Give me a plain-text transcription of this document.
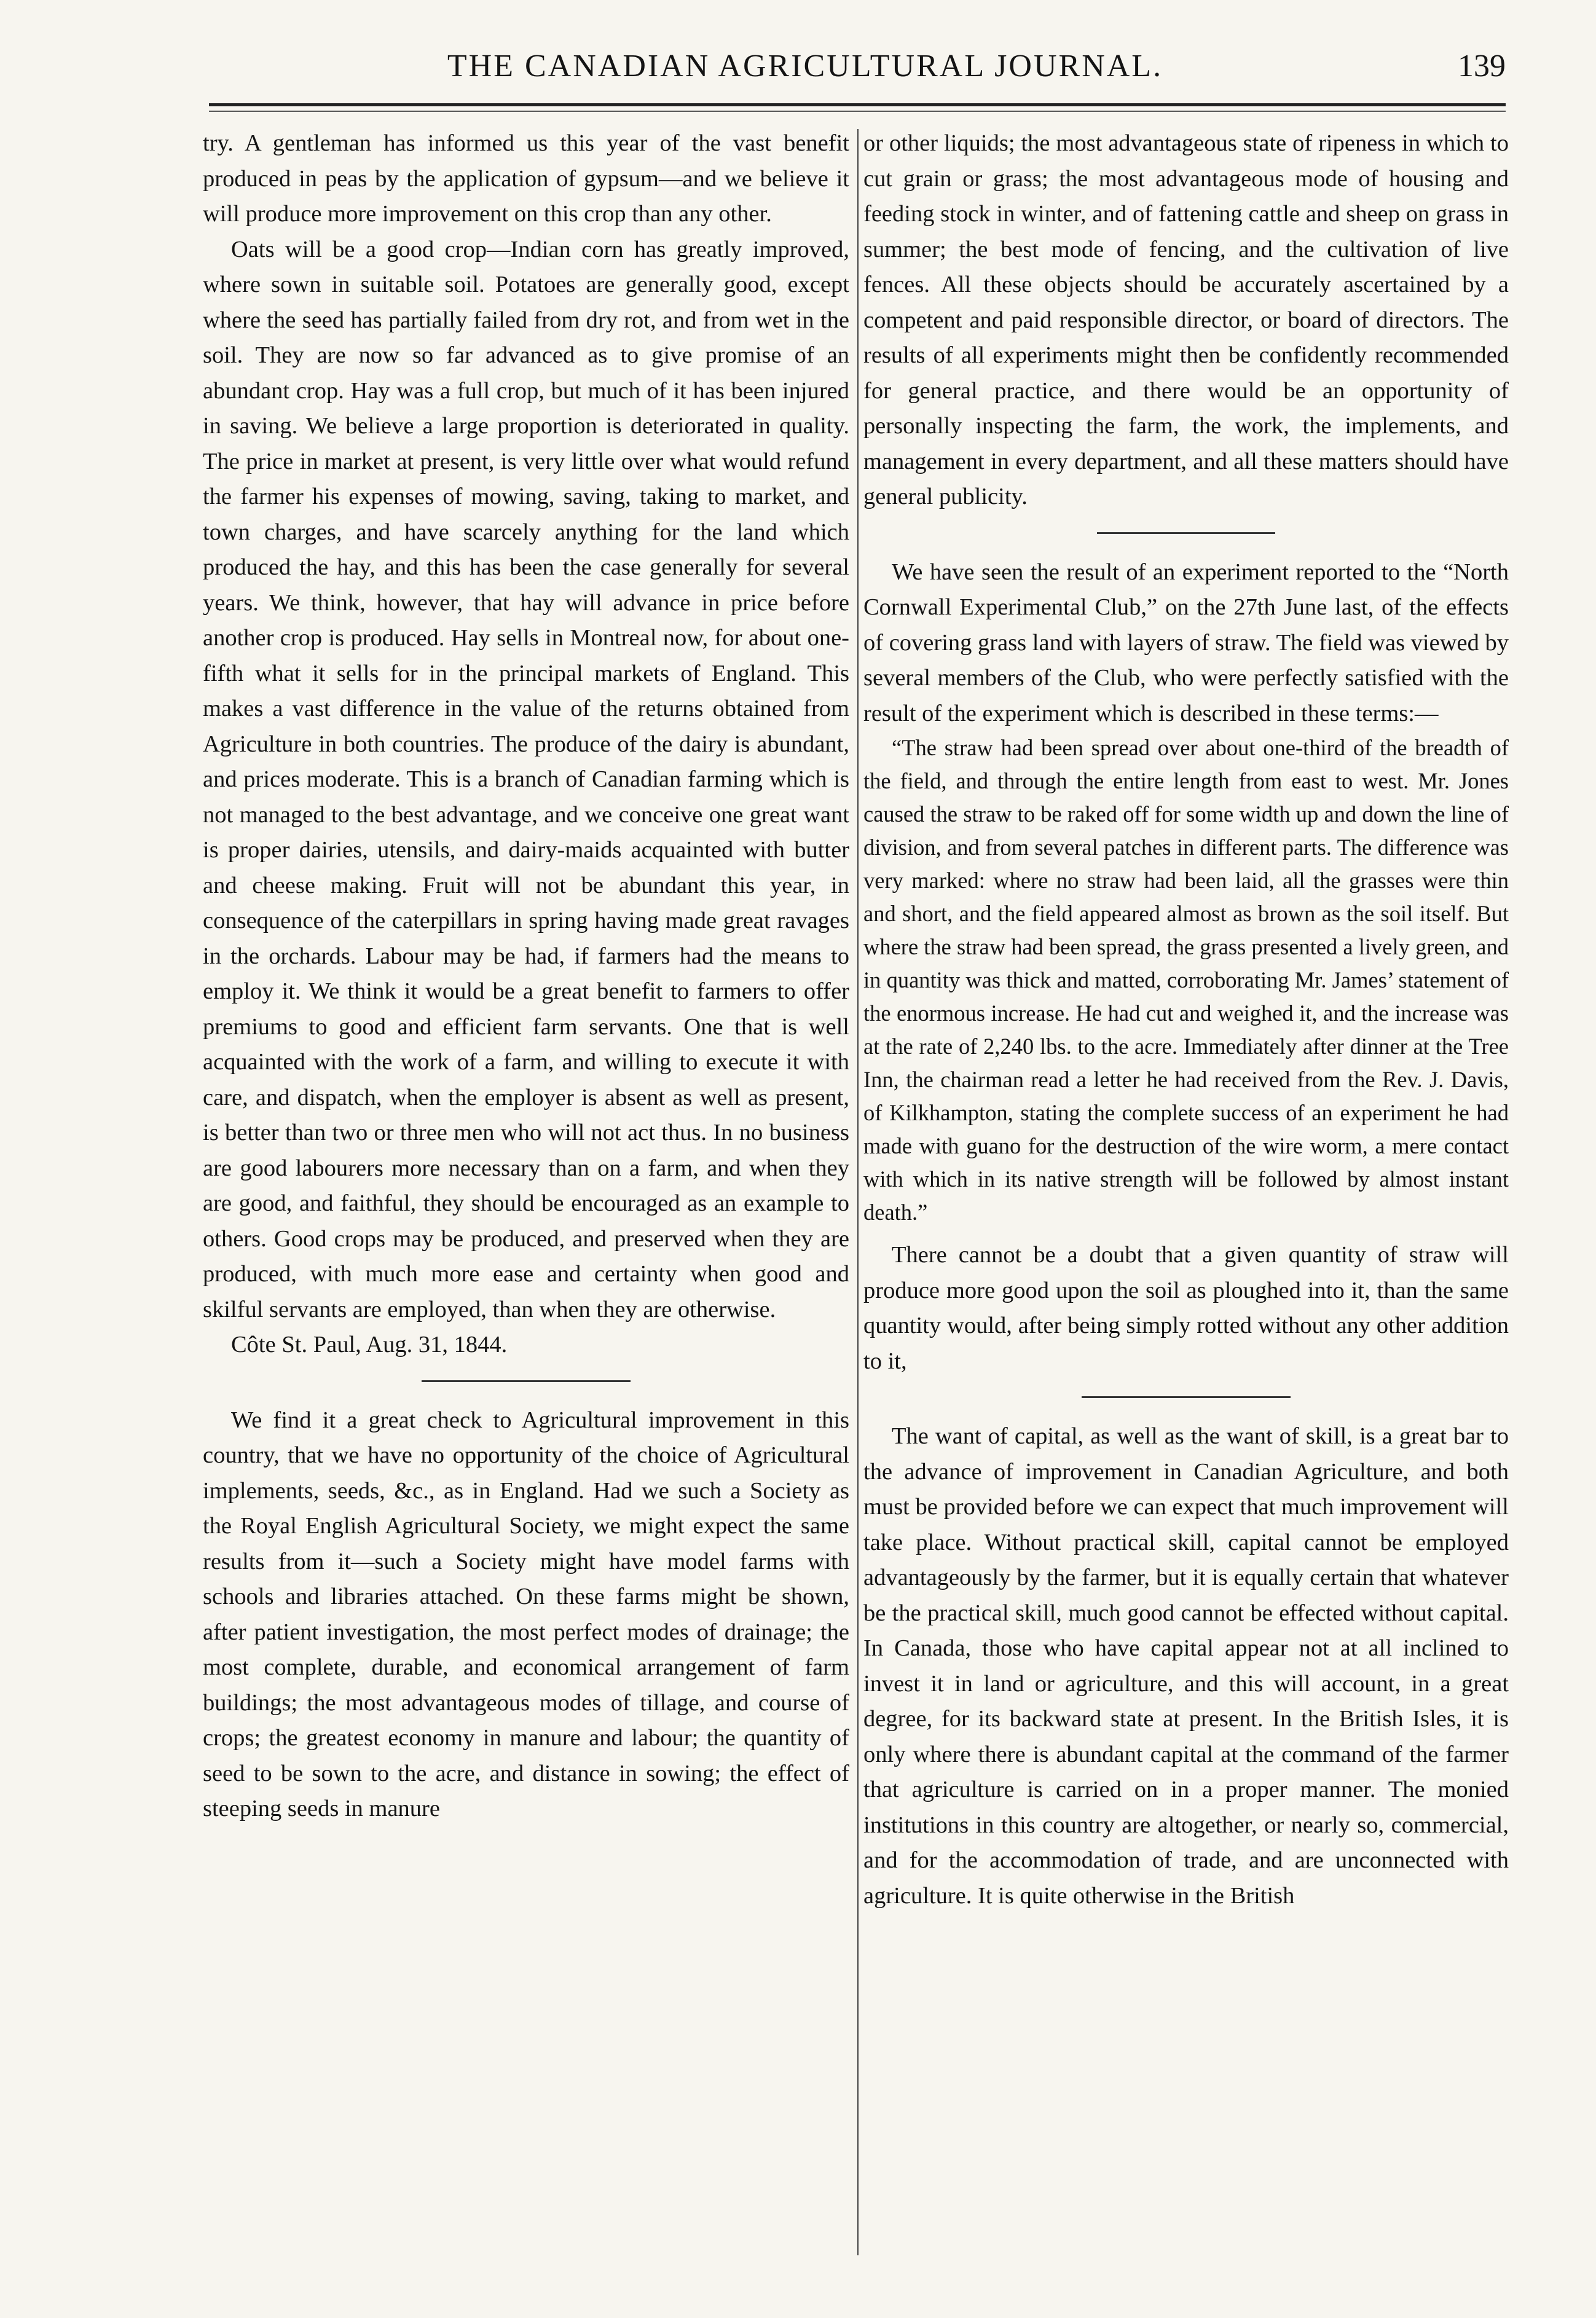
THE CANADIAN AGRICULTURAL JOURNAL.	139

try. A gentleman has informed us this year of the vast benefit produced in peas by the application of gypsum—and we believe it will produce more improvement on this crop than any other.

Oats will be a good crop—Indian corn has greatly improved, where sown in suitable soil. Potatoes are generally good, except where the seed has partially failed from dry rot, and from wet in the soil. They are now so far advanced as to give promise of an abundant crop. Hay was a full crop, but much of it has been injured in saving. We believe a large proportion is deteriorated in quality. The price in market at present, is very little over what would refund the farmer his expenses of mowing, saving, taking to market, and town charges, and have scarcely anything for the land which produced the hay, and this has been the case generally for several years. We think, however, that hay will advance in price before another crop is produced. Hay sells in Montreal now, for about one-fifth what it sells for in the principal markets of England. This makes a vast difference in the value of the returns obtained from Agriculture in both countries. The produce of the dairy is abundant, and prices moderate. This is a branch of Canadian farming which is not managed to the best advantage, and we conceive one great want is proper dairies, utensils, and dairy-maids acquainted with butter and cheese making. Fruit will not be abundant this year, in consequence of the caterpillars in spring having made great ravages in the orchards. Labour may be had, if farmers had the means to employ it. We think it would be a great benefit to farmers to offer premiums to good and efficient farm servants. One that is well acquainted with the work of a farm, and willing to execute it with care, and dispatch, when the employer is absent as well as present, is better than two or three men who will not act thus. In no business are good labourers more necessary than on a farm, and when they are good, and faithful, they should be encouraged as an example to others. Good crops may be produced, and preserved when they are produced, with much more ease and certainty when good and skilful servants are employed, than when they are otherwise.

Côte St. Paul, Aug. 31, 1844.

We find it a great check to Agricultural improvement in this country, that we have no opportunity of the choice of Agricultural implements, seeds, &c., as in England. Had we such a Society as the Royal English Agricultural Society, we might expect the same results from it—such a Society might have model farms with schools and libraries attached. On these farms might be shown, after patient investigation, the most perfect modes of drainage; the most complete, durable, and economical arrangement of farm buildings; the most advantageous modes of tillage, and course of crops; the greatest economy in manure and labour; the quantity of seed to be sown to the acre, and distance in sowing; the effect of steeping seeds in manure

or other liquids; the most advantageous state of ripeness in which to cut grain or grass; the most advantageous mode of housing and feeding stock in winter, and of fattening cattle and sheep on grass in summer; the best mode of fencing, and the cultivation of live fences. All these objects should be accurately ascertained by a competent and paid responsible director, or board of directors. The results of all experiments might then be confidently recommended for general practice, and there would be an opportunity of personally inspecting the farm, the work, the implements, and management in every department, and all these matters should have general publicity.

We have seen the result of an experiment reported to the “North Cornwall Experimental Club,” on the 27th June last, of the effects of covering grass land with layers of straw. The field was viewed by several members of the Club, who were perfectly satisfied with the result of the experiment which is described in these terms:—

“The straw had been spread over about one-third of the breadth of the field, and through the entire length from east to west. Mr. Jones caused the straw to be raked off for some width up and down the line of division, and from several patches in different parts. The difference was very marked: where no straw had been laid, all the grasses were thin and short, and the field appeared almost as brown as the soil itself. But where the straw had been spread, the grass presented a lively green, and in quantity was thick and matted, corroborating Mr. James’ statement of the enormous increase. He had cut and weighed it, and the increase was at the rate of 2,240 lbs. to the acre. Immediately after dinner at the Tree Inn, the chairman read a letter he had received from the Rev. J. Davis, of Kilkhampton, stating the complete success of an experiment he had made with guano for the destruction of the wire worm, a mere contact with which in its native strength will be followed by almost instant death.”

There cannot be a doubt that a given quantity of straw will produce more good upon the soil as ploughed into it, than the same quantity would, after being simply rotted without any other addition to it,

The want of capital, as well as the want of skill, is a great bar to the advance of improvement in Canadian Agriculture, and both must be provided before we can expect that much improvement will take place. Without practical skill, capital cannot be employed advantageously by the farmer, but it is equally certain that whatever be the practical skill, much good cannot be effected without capital. In Canada, those who have capital appear not at all inclined to invest it in land or agriculture, and this will account, in a great degree, for its backward state at present. In the British Isles, it is only where there is abundant capital at the command of the farmer that agriculture is carried on in a proper manner. The monied institutions in this country are altogether, or nearly so, commercial, and for the accommodation of trade, and are unconnected with agriculture. It is quite otherwise in the British
